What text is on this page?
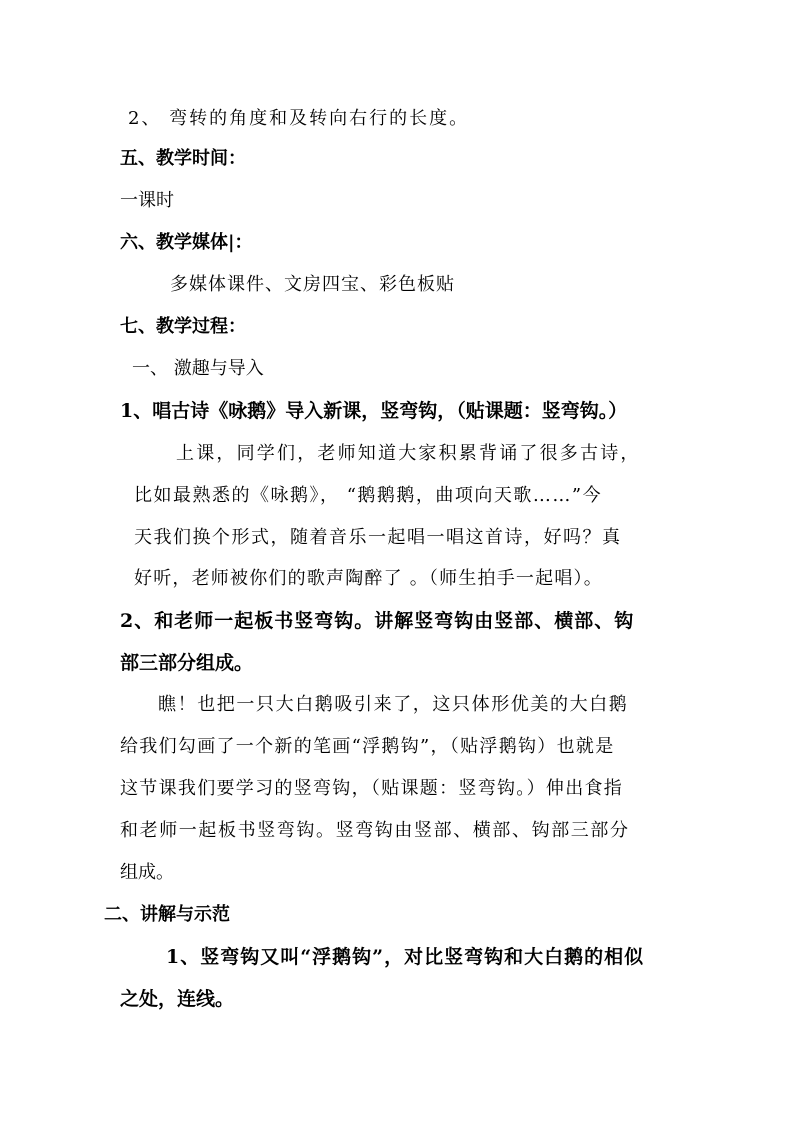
2、 弯转的角度和及转向右行的长度。
五、教学时间：
一课时
六、教学媒体|：
多媒体课件、文房四宝、彩色板贴
七、教学过程：
一、 激趣与导入
1、唱古诗《咏鹅》导入新课，竖弯钩，（贴课题：竖弯钩。）
上课，同学们，老师知道大家积累背诵了很多古诗，
比如最熟悉的《咏鹅》， “鹅鹅鹅，曲项向天歌……”今
天我们换个形式，随着音乐一起唱一唱这首诗，好吗？真
好听，老师被你们的歌声陶醉了 。（师生拍手一起唱）。
2、和老师一起板书竖弯钩。讲解竖弯钩由竖部、横部、钩
部三部分组成。
瞧！也把一只大白鹅吸引来了，这只体形优美的大白鹅
给我们勾画了一个新的笔画“浮鹅钩”，（贴浮鹅钩）也就是
这节课我们要学习的竖弯钩，（贴课题：竖弯钩。）伸出食指
和老师一起板书竖弯钩。竖弯钩由竖部、横部、钩部三部分
组成。
二、讲解与示范
1、竖弯钩又叫“浮鹅钩”，对比竖弯钩和大白鹅的相似
之处，连线。
